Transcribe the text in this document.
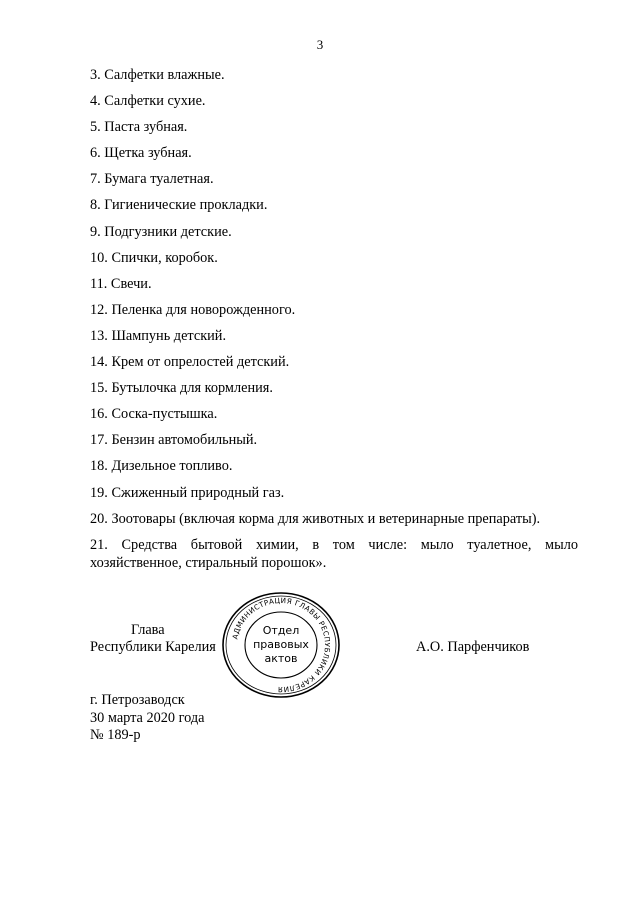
3
3. Салфетки влажные.
4. Салфетки сухие.
5. Паста зубная.
6. Щетка зубная.
7. Бумага туалетная.
8. Гигиенические прокладки.
9. Подгузники детские.
10. Спички, коробок.
11. Свечи.
12. Пеленка для новорожденного.
13. Шампунь детский.
14. Крем от опрелостей детский.
15. Бутылочка для кормления.
16. Соска-пустышка.
17. Бензин автомобильный.
18. Дизельное топливо.
19. Сжиженный природный газ.
20. Зоотовары (включая корма для животных и ветеринарные препараты).
21. Средства бытовой химии, в том числе: мыло туалетное, мыло
хозяйственное, стиральный порошок».
Глава
Республики Карелия	А.О. Парфенчиков
АДМИНИСТРАЦИЯ ГЛАВЫ РЕСПУБЛИКИ КАРЕЛИЯ
Отдел
правовых
актов
г. Петрозаводск
30 марта 2020 года
№ 189-р
